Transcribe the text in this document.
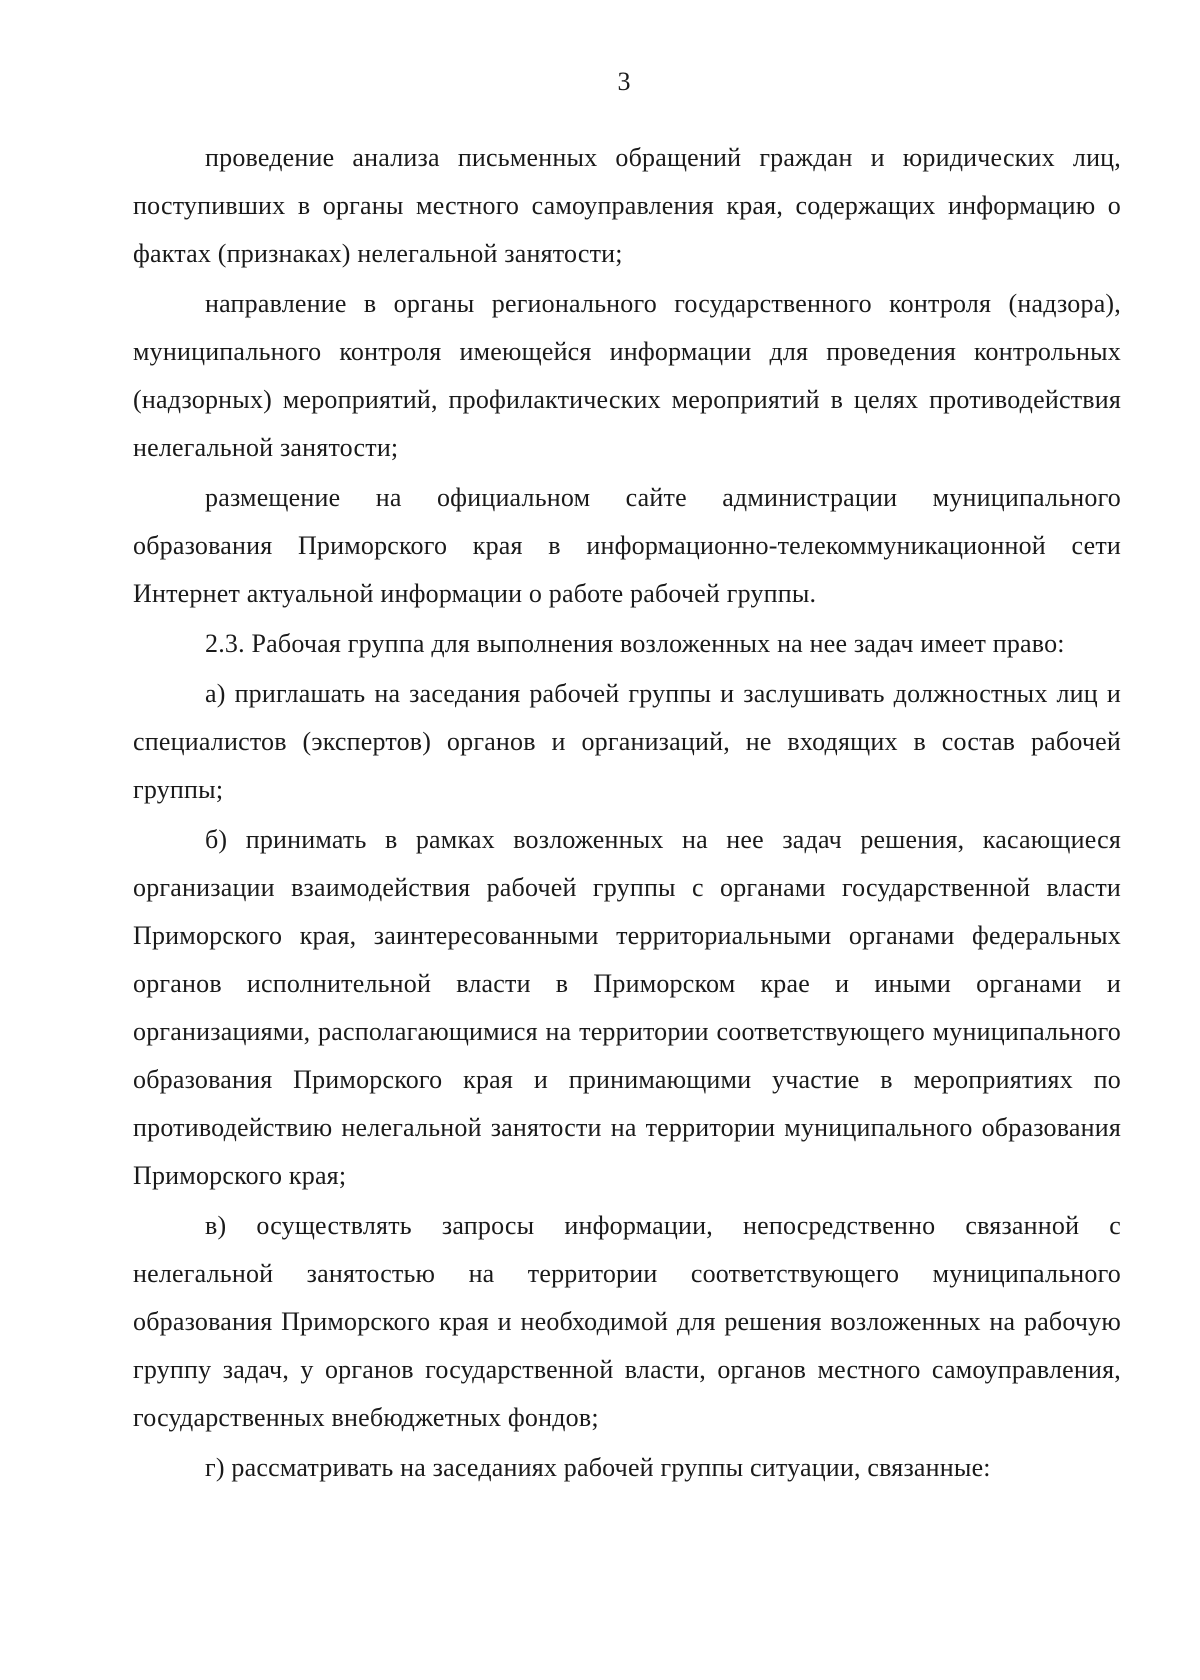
3

проведение анализа письменных обращений граждан и юридических лиц, поступивших в органы местного самоуправления края, содержащих информацию о фактах (признаках) нелегальной занятости;

направление в органы регионального государственного контроля (надзора), муниципального контроля имеющейся информации для проведения контрольных (надзорных) мероприятий, профилактических мероприятий в целях противодействия нелегальной занятости;

размещение на официальном сайте администрации муниципального образования Приморского края в информационно-телекоммуникационной сети Интернет актуальной информации о работе рабочей группы.

2.3. Рабочая группа для выполнения возложенных на нее задач имеет право:

а) приглашать на заседания рабочей группы и заслушивать должностных лиц и специалистов (экспертов) органов и организаций, не входящих в состав рабочей группы;

б) принимать в рамках возложенных на нее задач решения, касающиеся организации взаимодействия рабочей группы с органами государственной власти Приморского края, заинтересованными территориальными органами федеральных органов исполнительной власти в Приморском крае и иными органами и организациями, располагающимися на территории соответствующего муниципального образования Приморского края и принимающими участие в мероприятиях по противодействию нелегальной занятости на территории муниципального образования Приморского края;

в) осуществлять запросы информации, непосредственно связанной с нелегальной занятостью на территории соответствующего муниципального образования Приморского края и необходимой для решения возложенных на рабочую группу задач, у органов государственной власти, органов местного самоуправления, государственных внебюджетных фондов;

г) рассматривать на заседаниях рабочей группы ситуации, связанные:
